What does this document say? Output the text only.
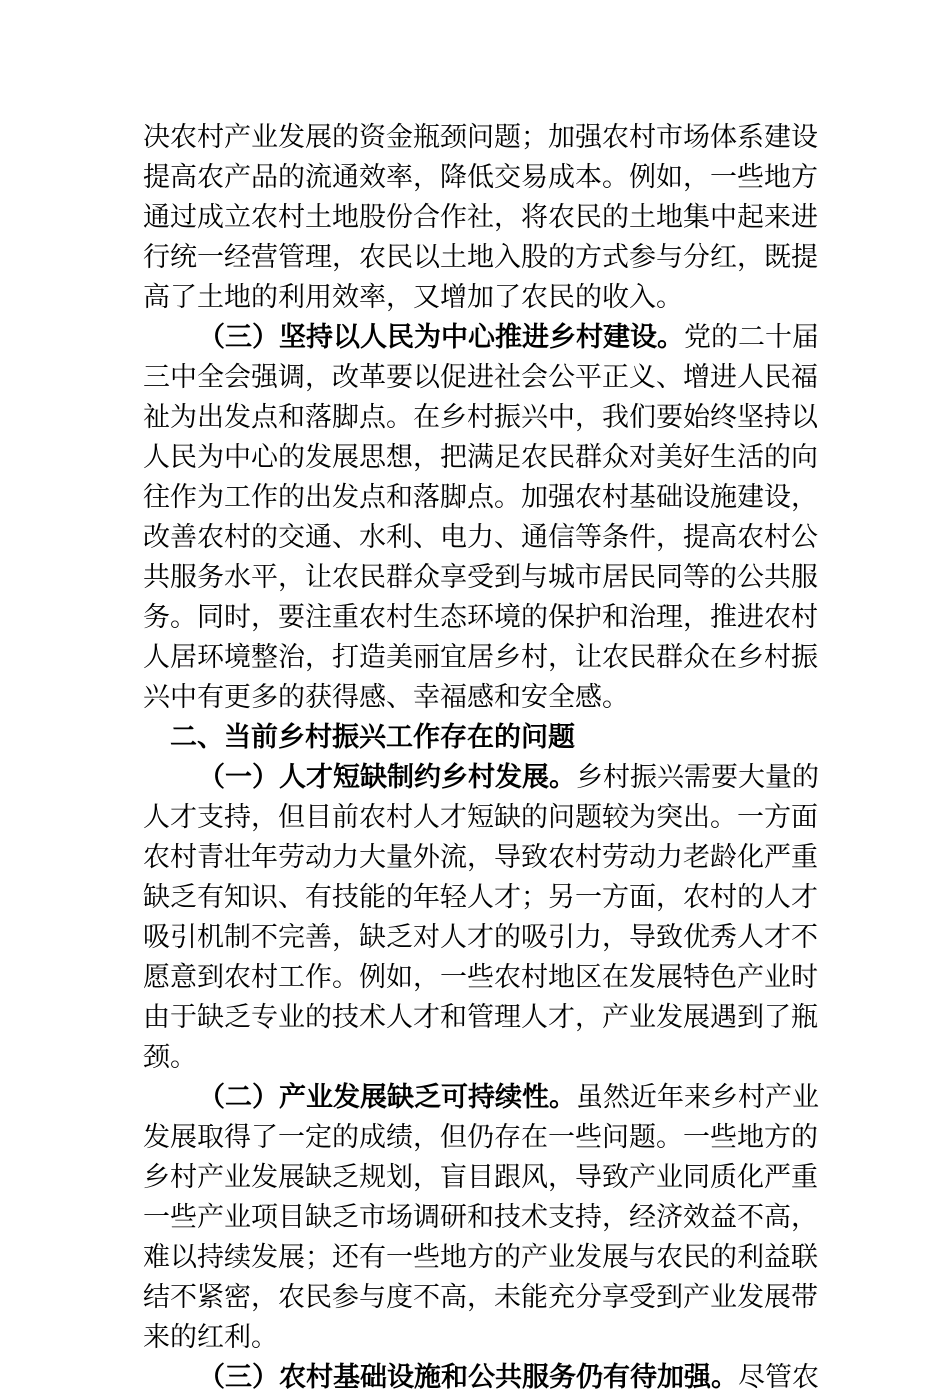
决农村产业发展的资金瓶颈问题；加强农村市场体系建设
提高农产品的流通效率，降低交易成本。例如，一些地方
通过成立农村土地股份合作社，将农民的土地集中起来进
行统一经营管理，农民以土地入股的方式参与分红，既提
高了土地的利用效率，又增加了农民的收入。
（三）坚持以人民为中心推进乡村建设。党的二十届
三中全会强调，改革要以促进社会公平正义、增进人民福
祉为出发点和落脚点。在乡村振兴中，我们要始终坚持以
人民为中心的发展思想，把满足农民群众对美好生活的向
往作为工作的出发点和落脚点。加强农村基础设施建设，
改善农村的交通、水利、电力、通信等条件，提高农村公
共服务水平，让农民群众享受到与城市居民同等的公共服
务。同时，要注重农村生态环境的保护和治理，推进农村
人居环境整治，打造美丽宜居乡村，让农民群众在乡村振
兴中有更多的获得感、幸福感和安全感。
二、当前乡村振兴工作存在的问题
（一）人才短缺制约乡村发展。乡村振兴需要大量的
人才支持，但目前农村人才短缺的问题较为突出。一方面
农村青壮年劳动力大量外流，导致农村劳动力老龄化严重
缺乏有知识、有技能的年轻人才；另一方面，农村的人才
吸引机制不完善，缺乏对人才的吸引力，导致优秀人才不
愿意到农村工作。例如，一些农村地区在发展特色产业时
由于缺乏专业的技术人才和管理人才，产业发展遇到了瓶
颈。
（二）产业发展缺乏可持续性。虽然近年来乡村产业
发展取得了一定的成绩，但仍存在一些问题。一些地方的
乡村产业发展缺乏规划，盲目跟风，导致产业同质化严重
一些产业项目缺乏市场调研和技术支持，经济效益不高，
难以持续发展；还有一些地方的产业发展与农民的利益联
结不紧密，农民参与度不高，未能充分享受到产业发展带
来的红利。
（三）农村基础设施和公共服务仍有待加强。尽管农
